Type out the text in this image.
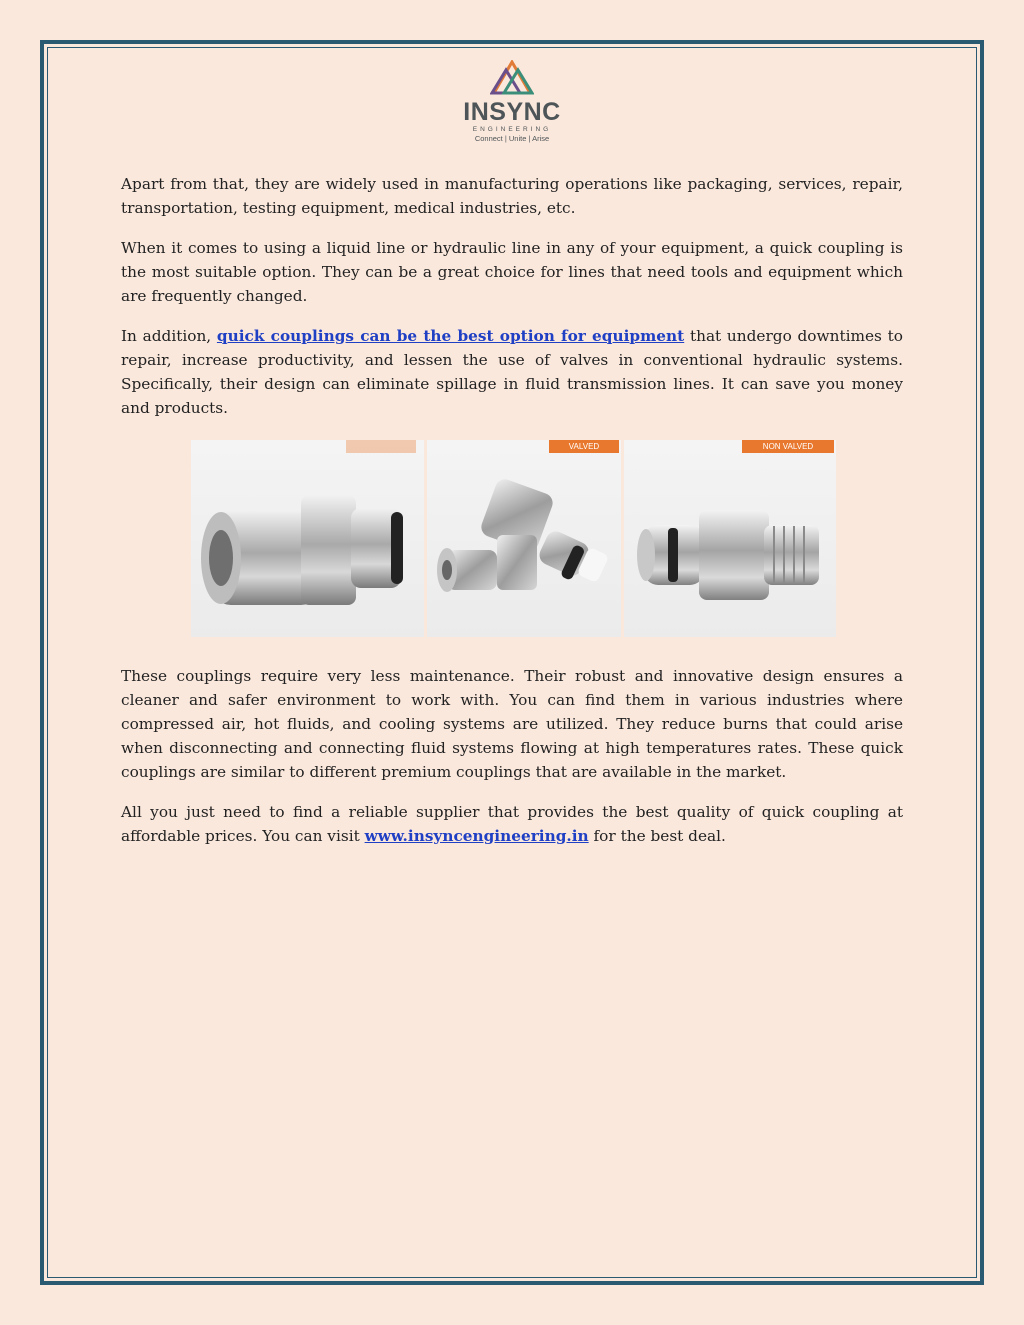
INSYNC
ENGINEERING
Connect | Unite | Arise

Apart from that, they are widely used in manufacturing operations like packaging, services, repair, transportation, testing equipment, medical industries, etc.

When it comes to using a liquid line or hydraulic line in any of your equipment, a quick coupling is the most suitable option. They can be a great choice for lines that need tools and equipment which are frequently changed.

In addition, quick couplings can be the best option for equipment that undergo downtimes to repair, increase productivity, and lessen the use of valves in conventional hydraulic systems. Specifically, their design can eliminate spillage in fluid transmission lines. It can save you money and products.

These couplings require very less maintenance. Their robust and innovative design ensures a cleaner and safer environment to work with. You can find them in various industries where compressed air, hot fluids, and cooling systems are utilized. They reduce burns that could arise when disconnecting and connecting fluid systems flowing at high temperatures rates. These quick couplings are similar to different premium couplings that are available in the market.

All you just need to find a reliable supplier that provides the best quality of quick coupling at affordable prices. You can visit www.insyncengineering.in for the best deal.

VALVED	NON VALVED
